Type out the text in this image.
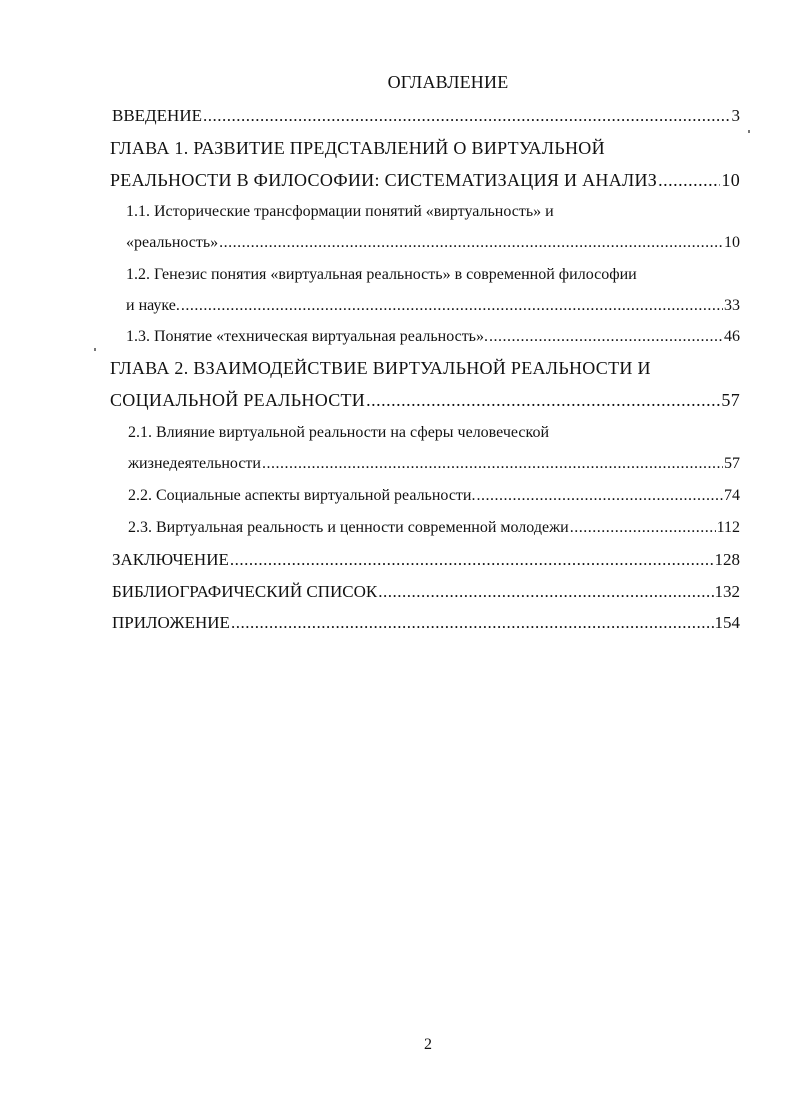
ОГЛАВЛЕНИЕ
ВВЕДЕНИЕ .....	3
ГЛАВА 1. РАЗВИТИЕ ПРЕДСТАВЛЕНИЙ О ВИРТУАЛЬНОЙ
РЕАЛЬНОСТИ В ФИЛОСОФИИ: СИСТЕМАТИЗАЦИЯ И АНАЛИЗ .....	10
1.1. Исторические трансформации понятий «виртуальность» и
«реальность» .....	10
1.2. Генезис понятия «виртуальная реальность» в современной философии
и науке. .....	33
1.3. Понятие «техническая виртуальная реальность». .....	46
ГЛАВА 2. ВЗАИМОДЕЙСТВИЕ ВИРТУАЛЬНОЙ РЕАЛЬНОСТИ И
СОЦИАЛЬНОЙ РЕАЛЬНОСТИ .....	57
2.1. Влияние виртуальной реальности на сферы человеческой
жизнедеятельности .....	57
2.2. Социальные аспекты виртуальной реальности. .....	74
2.3. Виртуальная реальность и ценности современной молодежи .....	112
ЗАКЛЮЧЕНИЕ .....	128
БИБЛИОГРАФИЧЕСКИЙ СПИСОК .....	132
ПРИЛОЖЕНИЕ .....	154
2
